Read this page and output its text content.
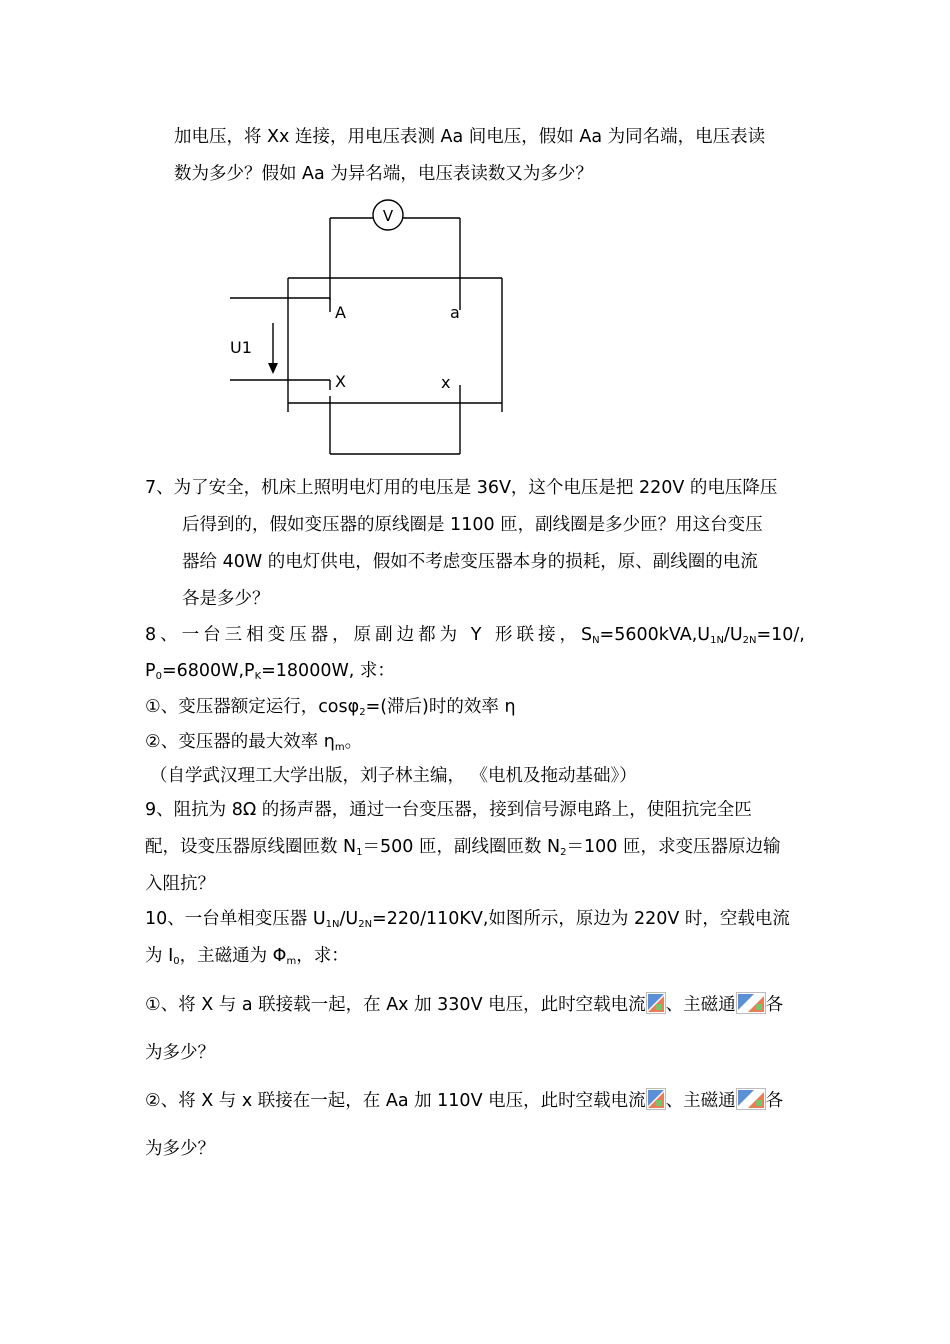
加电压，将 Xx 连接，用电压表测 Aa 间电压，假如 Aa 为同名端，电压表读
数为多少？假如 Aa 为异名端，电压表读数又为多少？
V
A	a
X	x
U1
7、为了安全，机床上照明电灯用的电压是 36V，这个电压是把 220V 的电压降压
后得到的，假如变压器的原线圈是 1100 匝，副线圈是多少匝？用这台变压
器给 40W 的电灯供电，假如不考虑变压器本身的损耗，原、副线圈的电流
各是多少？
8、一台三相变压器，原副边都为 Y 形联接，$S_N=5600kVA,U_{1N}/U_{2N}=10/$,
$P_0=6800W,P_K=18000W$, 求：
①、变压器额定运行，cosφ$_2$=(滞后)时的效率 η
②、变压器的最大效率 $\eta_m$。
（自学武汉理工大学出版，刘子林主编， 《电机及拖动基础》）
9、阻抗为 8Ω 的扬声器，通过一台变压器，接到信号源电路上，使阻抗完全匹
配，设变压器原线圈匝数 $N_1=500$ 匝，副线圈匝数 $N_2=100$ 匝，求变压器原边输
入阻抗？
10、一台单相变压器 $U_{1N}/U_{2N}=220/110KV$,如图所示，原边为 220V 时，空载电流
为 $I_0$，主磁通为 $\Phi_m$，求：
①、将 X 与 a 联接载一起，在 Ax 加 330V 电压，此时空载电流 、主磁通 各
为多少？
②、将 X 与 x 联接在一起，在 Aa 加 110V 电压，此时空载电流 、主磁通 各
为多少？
